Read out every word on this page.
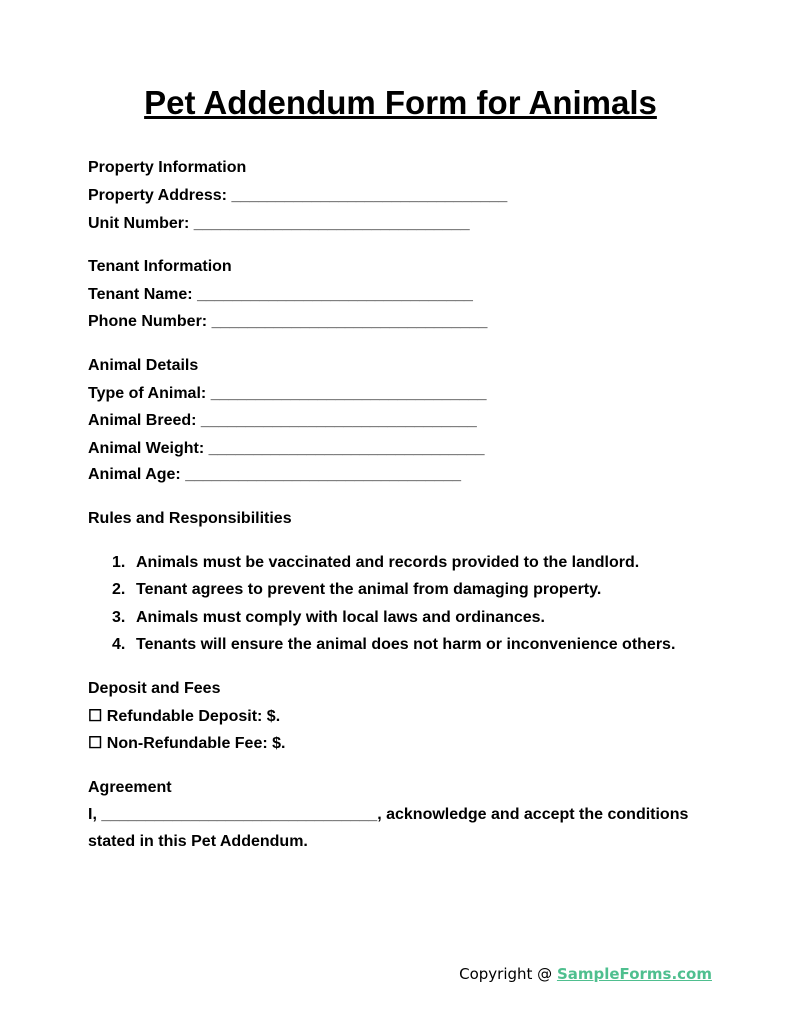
Pet Addendum Form for Animals
Property Information
Property Address: _______________________________
Unit Number: _______________________________
Tenant Information
Tenant Name: _______________________________
Phone Number: _______________________________
Animal Details
Type of Animal: _______________________________
Animal Breed: _______________________________
Animal Weight: _______________________________
Animal Age: _______________________________
Rules and Responsibilities
1. Animals must be vaccinated and records provided to the landlord.
2. Tenant agrees to prevent the animal from damaging property.
3. Animals must comply with local laws and ordinances.
4. Tenants will ensure the animal does not harm or inconvenience others.
Deposit and Fees
☐ Refundable Deposit: $.
☐ Non-Refundable Fee: $.
Agreement
I, _______________________________, acknowledge and accept the conditions
stated in this Pet Addendum.
Copyright @ SampleForms.com
